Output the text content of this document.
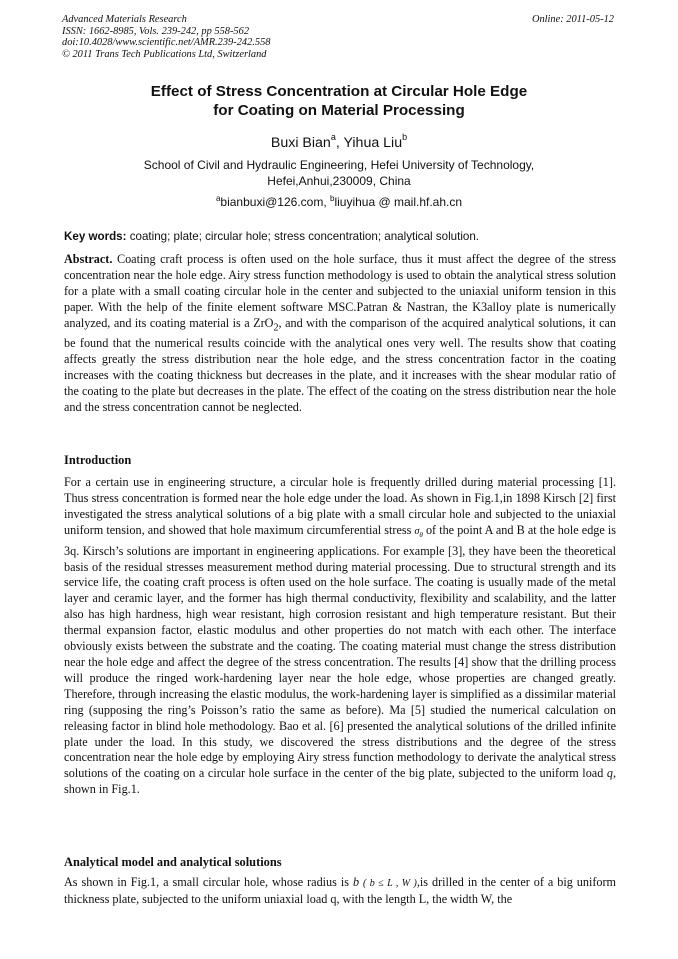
Advanced Materials Research
ISSN: 1662-8985, Vols. 239-242, pp 558-562
doi:10.4028/www.scientific.net/AMR.239-242.558
© 2011 Trans Tech Publications Ltd, Switzerland
Online: 2011-05-12
Effect of Stress Concentration at Circular Hole Edge
for Coating on Material Processing
Buxi Bian$^a$, Yihua Liu$^b$
School of Civil and Hydraulic Engineering, Hefei University of Technology,
Hefei,Anhui,230009, China
$^a$bianbuxi@126.com, $^b$liuyihua @ mail.hf.ah.cn
Key words: coating; plate; circular hole; stress concentration; analytical solution.

Abstract. Coating craft process is often used on the hole surface, thus it must affect the degree of the stress concentration near the hole edge. Airy stress function methodology is used to obtain the analytical stress solution for a plate with a small coating circular hole in the center and subjected to the uniaxial uniform tension in this paper. With the help of the finite element software MSC.Patran & Nastran, the K3alloy plate is numerically analyzed, and its coating material is a ZrO$_2$, and with the comparison of the acquired analytical solutions, it can be found that the numerical results coincide with the analytical ones very well. The results show that coating affects greatly the stress distribution near the hole edge, and the stress concentration factor in the coating increases with the coating thickness but decreases in the plate, and it increases with the shear modular ratio of the coating to the plate but decreases in the plate. The effect of the coating on the stress distribution near the hole and the stress concentration cannot be neglected.

Introduction

For a certain use in engineering structure, a circular hole is frequently drilled during material processing [1]. Thus stress concentration is formed near the hole edge under the load. As shown in Fig.1,in 1898 Kirsch [2] first investigated the stress analytical solutions of a big plate with a small circular hole and subjected to the uniaxial uniform tension, and showed that hole maximum circumferential stress $\sigma_\theta$ of the point A and B at the hole edge is 3q. Kirsch’s solutions are important in engineering applications. For example [3], they have been the theoretical basis of the residual stresses measurement method during material processing. Due to structural strength and its service life, the coating craft process is often used on the hole surface. The coating is usually made of the metal layer and ceramic layer, and the former has high thermal conductivity, flexibility and scalability, and the latter also has high hardness, high wear resistant, high corrosion resistant and high temperature resistant. But their thermal expansion factor, elastic modulus and other properties do not match with each other. The interface obviously exists between the substrate and the coating. The coating material must change the stress distribution near the hole edge and affect the degree of the stress concentration. The results [4] show that the drilling process will produce the ringed work-hardening layer near the hole edge, whose properties are changed greatly. Therefore, through increasing the elastic modulus, the work-hardening layer is simplified as a dissimilar material ring (supposing the ring’s Poisson’s ratio the same as before). Ma [5] studied the numerical calculation on releasing factor in blind hole methodology. Bao et al. [6] presented the analytical solutions of the drilled infinite plate under the load. In this study, we discovered the stress distributions and the degree of the stress concentration near the hole edge by employing Airy stress function methodology to derivate the analytical stress solutions of the coating on a circular hole surface in the center of the big plate, subjected to the uniform load q, shown in Fig.1.

Analytical model and analytical solutions

As shown in Fig.1, a small circular hole, whose radius is b ( b ≤ L , W ),is drilled in the center of a big uniform thickness plate, subjected to the uniform uniaxial load q, with the length L, the width W, the
